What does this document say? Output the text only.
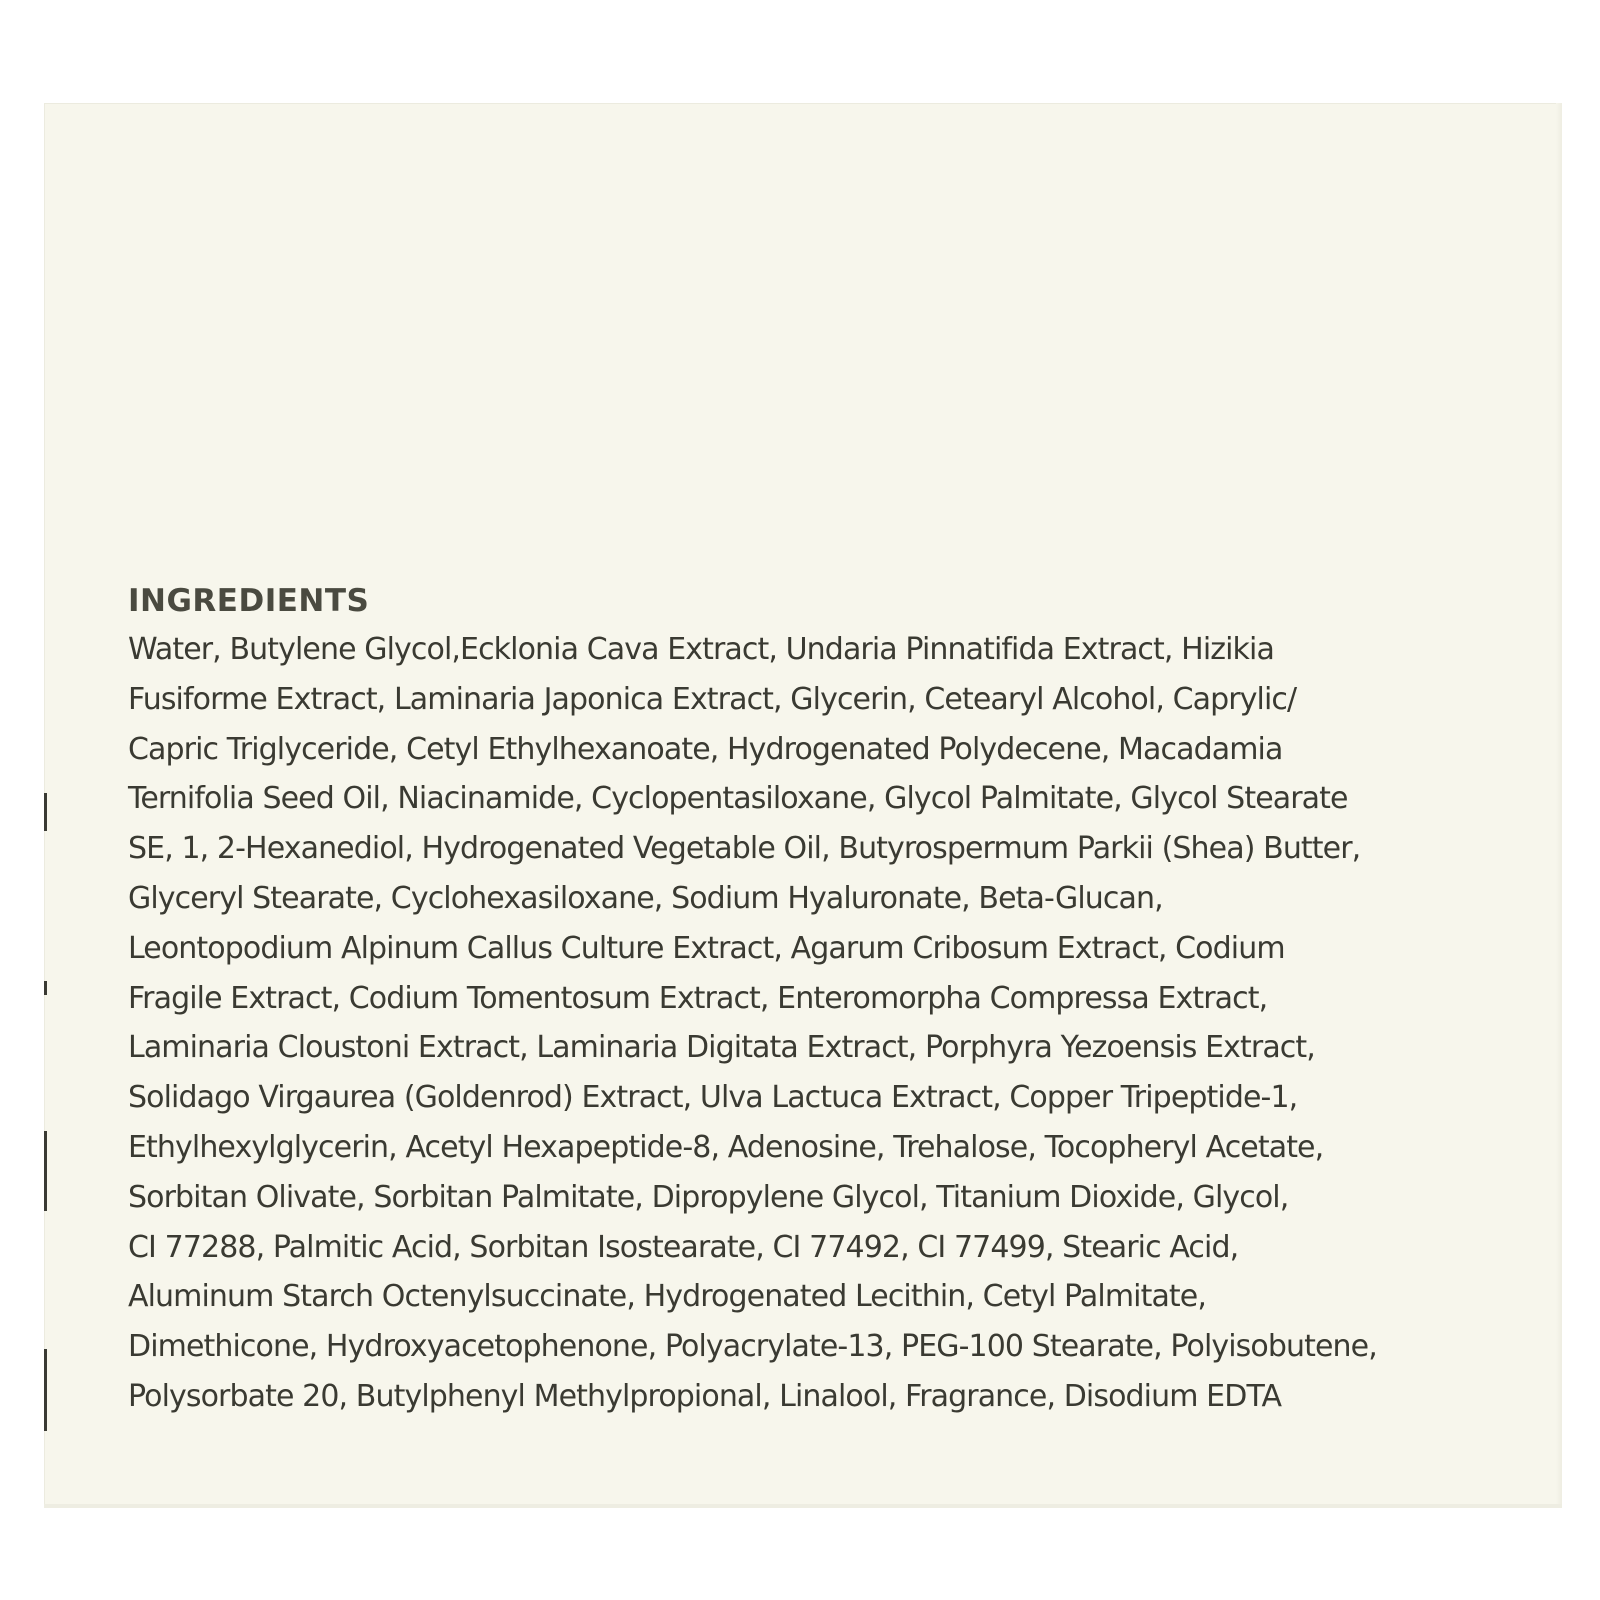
INGREDIENTS
Water, Butylene Glycol,Ecklonia Cava Extract, Undaria Pinnatifida Extract, Hizikia
Fusiforme Extract, Laminaria Japonica Extract, Glycerin, Cetearyl Alcohol, Caprylic/
Capric Triglyceride, Cetyl Ethylhexanoate, Hydrogenated Polydecene, Macadamia
Ternifolia Seed Oil, Niacinamide, Cyclopentasiloxane, Glycol Palmitate, Glycol Stearate
SE, 1, 2-Hexanediol, Hydrogenated Vegetable Oil, Butyrospermum Parkii (Shea) Butter,
Glyceryl Stearate, Cyclohexasiloxane, Sodium Hyaluronate, Beta-Glucan,
Leontopodium Alpinum Callus Culture Extract, Agarum Cribosum Extract, Codium
Fragile Extract, Codium Tomentosum Extract, Enteromorpha Compressa Extract,
Laminaria Cloustoni Extract, Laminaria Digitata Extract, Porphyra Yezoensis Extract,
Solidago Virgaurea (Goldenrod) Extract, Ulva Lactuca Extract, Copper Tripeptide-1,
Ethylhexylglycerin, Acetyl Hexapeptide-8, Adenosine, Trehalose, Tocopheryl Acetate,
Sorbitan Olivate, Sorbitan Palmitate, Dipropylene Glycol, Titanium Dioxide, Glycol,
CI 77288, Palmitic Acid, Sorbitan Isostearate, CI 77492, CI 77499, Stearic Acid,
Aluminum Starch Octenylsuccinate, Hydrogenated Lecithin, Cetyl Palmitate,
Dimethicone, Hydroxyacetophenone, Polyacrylate-13, PEG-100 Stearate, Polyisobutene,
Polysorbate 20, Butylphenyl Methylpropional, Linalool, Fragrance, Disodium EDTA
